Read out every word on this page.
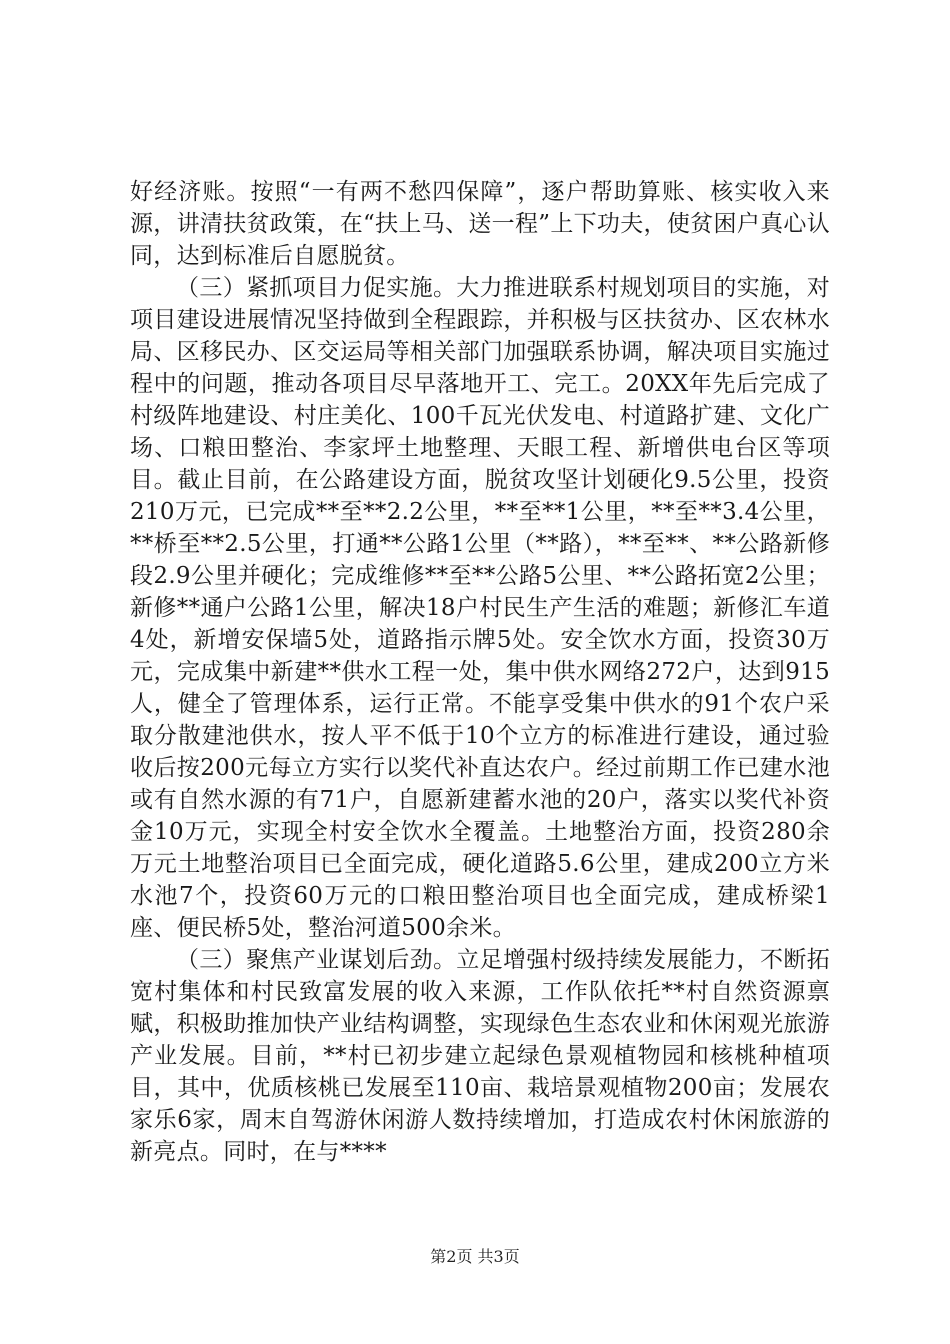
好经济账。按照“一有两不愁四保障”，逐户帮助算账、核实收入来源，讲清扶贫政策，在“扶上马、送一程”上下功夫，使贫困户真心认同，达到标准后自愿脱贫。

（三）紧抓项目力促实施。大力推进联系村规划项目的实施，对项目建设进展情况坚持做到全程跟踪，并积极与区扶贫办、区农林水局、区移民办、区交运局等相关部门加强联系协调，解决项目实施过程中的问题，推动各项目尽早落地开工、完工。20XX年先后完成了村级阵地建设、村庄美化、100千瓦光伏发电、村道路扩建、文化广场、口粮田整治、李家坪土地整理、天眼工程、新增供电台区等项目。截止目前，在公路建设方面，脱贫攻坚计划硬化9.5公里，投资210万元，已完成**至**2.2公里，**至**1公里，**至**3.4公里，**桥至**2.5公里，打通**公路1公里（**路），**至**、**公路新修段2.9公里并硬化；完成维修**至**公路5公里、**公路拓宽2公里；新修**通户公路1公里，解决18户村民生产生活的难题；新修汇车道4处，新增安保墙5处，道路指示牌5处。安全饮水方面，投资30万元，完成集中新建**供水工程一处，集中供水网络272户，达到915人，健全了管理体系，运行正常。不能享受集中供水的91个农户采取分散建池供水，按人平不低于10个立方的标准进行建设，通过验收后按200元每立方实行以奖代补直达农户。经过前期工作已建水池或有自然水源的有71户，自愿新建蓄水池的20户，落实以奖代补资金10万元，实现全村安全饮水全覆盖。土地整治方面，投资280余万元土地整治项目已全面完成，硬化道路5.6公里，建成200立方米水池7个，投资60万元的口粮田整治项目也全面完成，建成桥梁1座、便民桥5处，整治河道500余米。

（三）聚焦产业谋划后劲。立足增强村级持续发展能力，不断拓宽村集体和村民致富发展的收入来源，工作队依托**村自然资源禀赋，积极助推加快产业结构调整，实现绿色生态农业和休闲观光旅游产业发展。目前，**村已初步建立起绿色景观植物园和核桃种植项目，其中，优质核桃已发展至110亩、栽培景观植物200亩；发展农家乐6家，周末自驾游休闲游人数持续增加，打造成农村休闲旅游的新亮点。同时，在与****

第2页 共3页
